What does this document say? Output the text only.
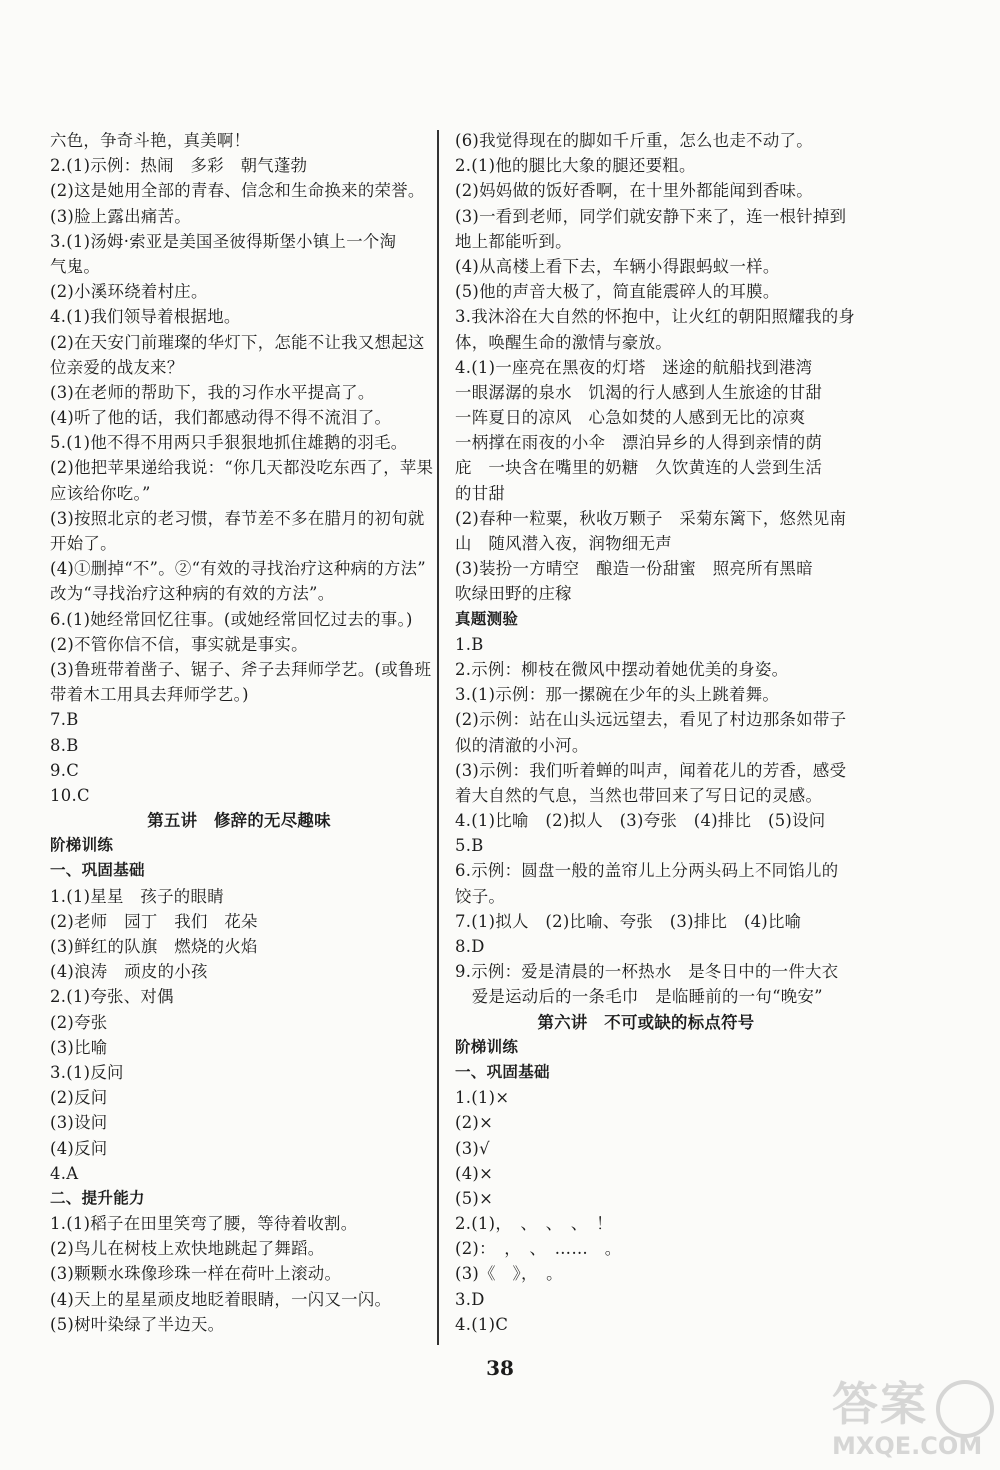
六色，争奇斗艳，真美啊！
2.(1)示例：热闹　多彩　朝气蓬勃
(2)这是她用全部的青春、信念和生命换来的荣誉。
(3)脸上露出痛苦。
3.(1)汤姆·索亚是美国圣彼得斯堡小镇上一个淘
气鬼。
(2)小溪环绕着村庄。
4.(1)我们领导着根据地。
(2)在天安门前璀璨的华灯下，怎能不让我又想起这
位亲爱的战友来？
(3)在老师的帮助下，我的习作水平提高了。
(4)听了他的话，我们都感动得不得不流泪了。
5.(1)他不得不用两只手狠狠地抓住雄鹅的羽毛。
(2)他把苹果递给我说：“你几天都没吃东西了，苹果
应该给你吃。”
(3)按照北京的老习惯，春节差不多在腊月的初旬就
开始了。
(4)①删掉“不”。②“有效的寻找治疗这种病的方法”
改为“寻找治疗这种病的有效的方法”。
6.(1)她经常回忆往事。(或她经常回忆过去的事。)
(2)不管你信不信，事实就是事实。
(3)鲁班带着凿子、锯子、斧子去拜师学艺。(或鲁班
带着木工用具去拜师学艺。)
7.B
8.B
9.C
10.C
第五讲　修辞的无尽趣味
阶梯训练
一、巩固基础
1.(1)星星　孩子的眼睛
(2)老师　园丁　我们　花朵
(3)鲜红的队旗　燃烧的火焰
(4)浪涛　顽皮的小孩
2.(1)夸张、对偶
(2)夸张
(3)比喻
3.(1)反问
(2)反问
(3)设问
(4)反问
4.A
二、提升能力
1.(1)稻子在田里笑弯了腰，等待着收割。
(2)鸟儿在树枝上欢快地跳起了舞蹈。
(3)颗颗水珠像珍珠一样在荷叶上滚动。
(4)天上的星星顽皮地眨着眼睛，一闪又一闪。
(5)树叶染绿了半边天。
(6)我觉得现在的脚如千斤重，怎么也走不动了。
2.(1)他的腿比大象的腿还要粗。
(2)妈妈做的饭好香啊，在十里外都能闻到香味。
(3)一看到老师，同学们就安静下来了，连一根针掉到
地上都能听到。
(4)从高楼上看下去，车辆小得跟蚂蚁一样。
(5)他的声音大极了，简直能震碎人的耳膜。
3.我沐浴在大自然的怀抱中，让火红的朝阳照耀我的身
体，唤醒生命的激情与豪放。
4.(1)一座亮在黑夜的灯塔　迷途的航船找到港湾
一眼潺潺的泉水　饥渴的行人感到人生旅途的甘甜
一阵夏日的凉风　心急如焚的人感到无比的凉爽
一柄撑在雨夜的小伞　漂泊异乡的人得到亲情的荫
庇　一块含在嘴里的奶糖　久饮黄连的人尝到生活
的甘甜
(2)春种一粒粟，秋收万颗子　采菊东篱下，悠然见南
山　随风潜入夜，润物细无声
(3)装扮一方晴空　酿造一份甜蜜　照亮所有黑暗
吹绿田野的庄稼
真题测验
1.B
2.示例：柳枝在微风中摆动着她优美的身姿。
3.(1)示例：那一摞碗在少年的头上跳着舞。
(2)示例：站在山头远远望去，看见了村边那条如带子
似的清澈的小河。
(3)示例：我们听着蝉的叫声，闻着花儿的芳香，感受
着大自然的气息，当然也带回来了写日记的灵感。
4.(1)比喻　(2)拟人　(3)夸张　(4)排比　(5)设问
5.B
6.示例：圆盘一般的盖帘儿上分两头码上不同馅儿的
饺子。
7.(1)拟人　(2)比喻、夸张　(3)排比　(4)比喻
8.D
9.示例：爱是清晨的一杯热水　是冬日中的一件大衣
　爱是运动后的一条毛巾　是临睡前的一句“晚安”
第六讲　不可或缺的标点符号
阶梯训练
一、巩固基础
1.(1)×
(2)×
(3)√
(4)×
(5)×
2.(1)，　、　、　、　！
(2)：　，　、　……　。
(3)《　》，　。
3.D
4.(1)C
38
答案
MXQE.COM
